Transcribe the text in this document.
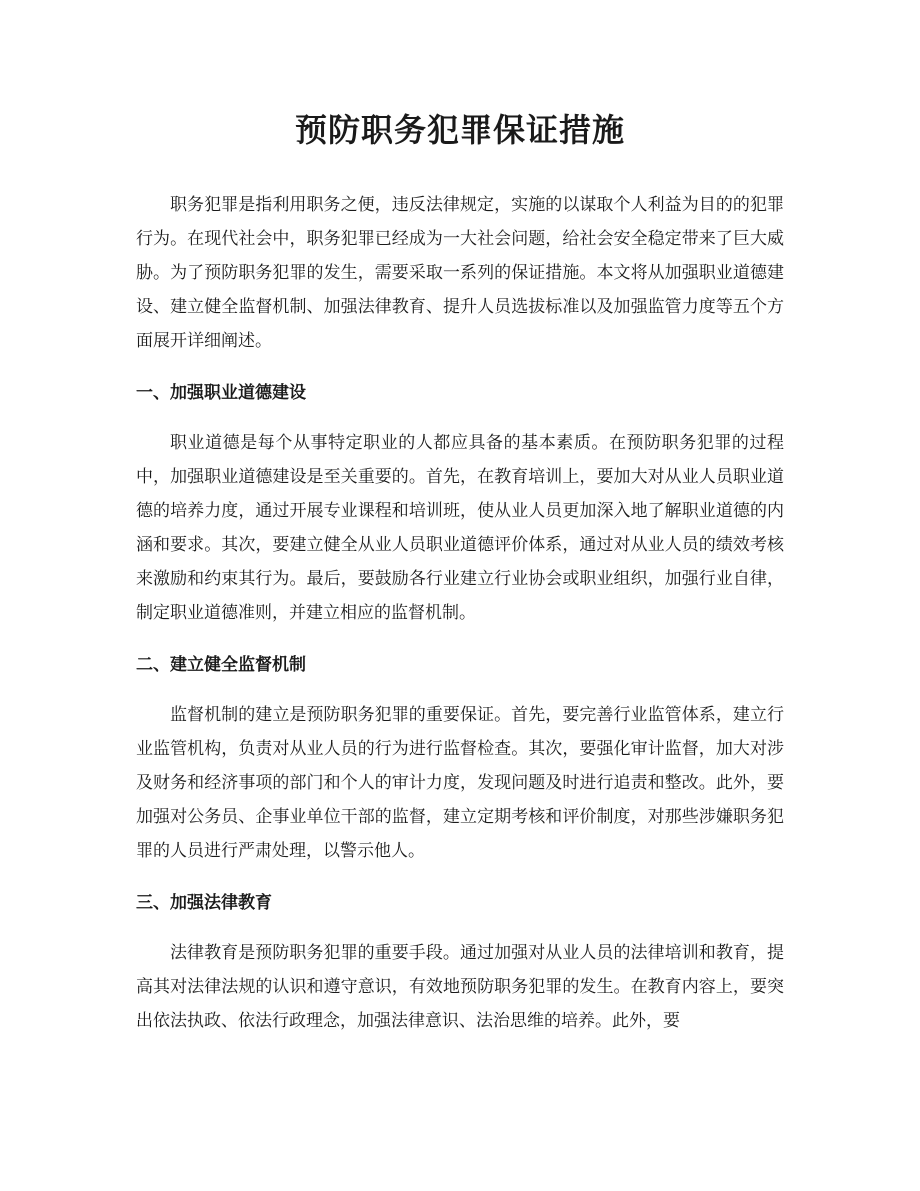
预防职务犯罪保证措施

职务犯罪是指利用职务之便，违反法律规定，实施的以谋取个人利益为目的的犯罪行为。在现代社会中，职务犯罪已经成为一大社会问题，给社会安全稳定带来了巨大威胁。为了预防职务犯罪的发生，需要采取一系列的保证措施。本文将从加强职业道德建设、建立健全监督机制、加强法律教育、提升人员选拔标准以及加强监管力度等五个方面展开详细阐述。

一、加强职业道德建设

职业道德是每个从事特定职业的人都应具备的基本素质。在预防职务犯罪的过程中，加强职业道德建设是至关重要的。首先，在教育培训上，要加大对从业人员职业道德的培养力度，通过开展专业课程和培训班，使从业人员更加深入地了解职业道德的内涵和要求。其次，要建立健全从业人员职业道德评价体系，通过对从业人员的绩效考核来激励和约束其行为。最后，要鼓励各行业建立行业协会或职业组织，加强行业自律，制定职业道德准则，并建立相应的监督机制。

二、建立健全监督机制

监督机制的建立是预防职务犯罪的重要保证。首先，要完善行业监管体系，建立行业监管机构，负责对从业人员的行为进行监督检查。其次，要强化审计监督，加大对涉及财务和经济事项的部门和个人的审计力度，发现问题及时进行追责和整改。此外，要加强对公务员、企事业单位干部的监督，建立定期考核和评价制度，对那些涉嫌职务犯罪的人员进行严肃处理，以警示他人。

三、加强法律教育

法律教育是预防职务犯罪的重要手段。通过加强对从业人员的法律培训和教育，提高其对法律法规的认识和遵守意识，有效地预防职务犯罪的发生。在教育内容上，要突出依法执政、依法行政理念，加强法律意识、法治思维的培养。此外，要
